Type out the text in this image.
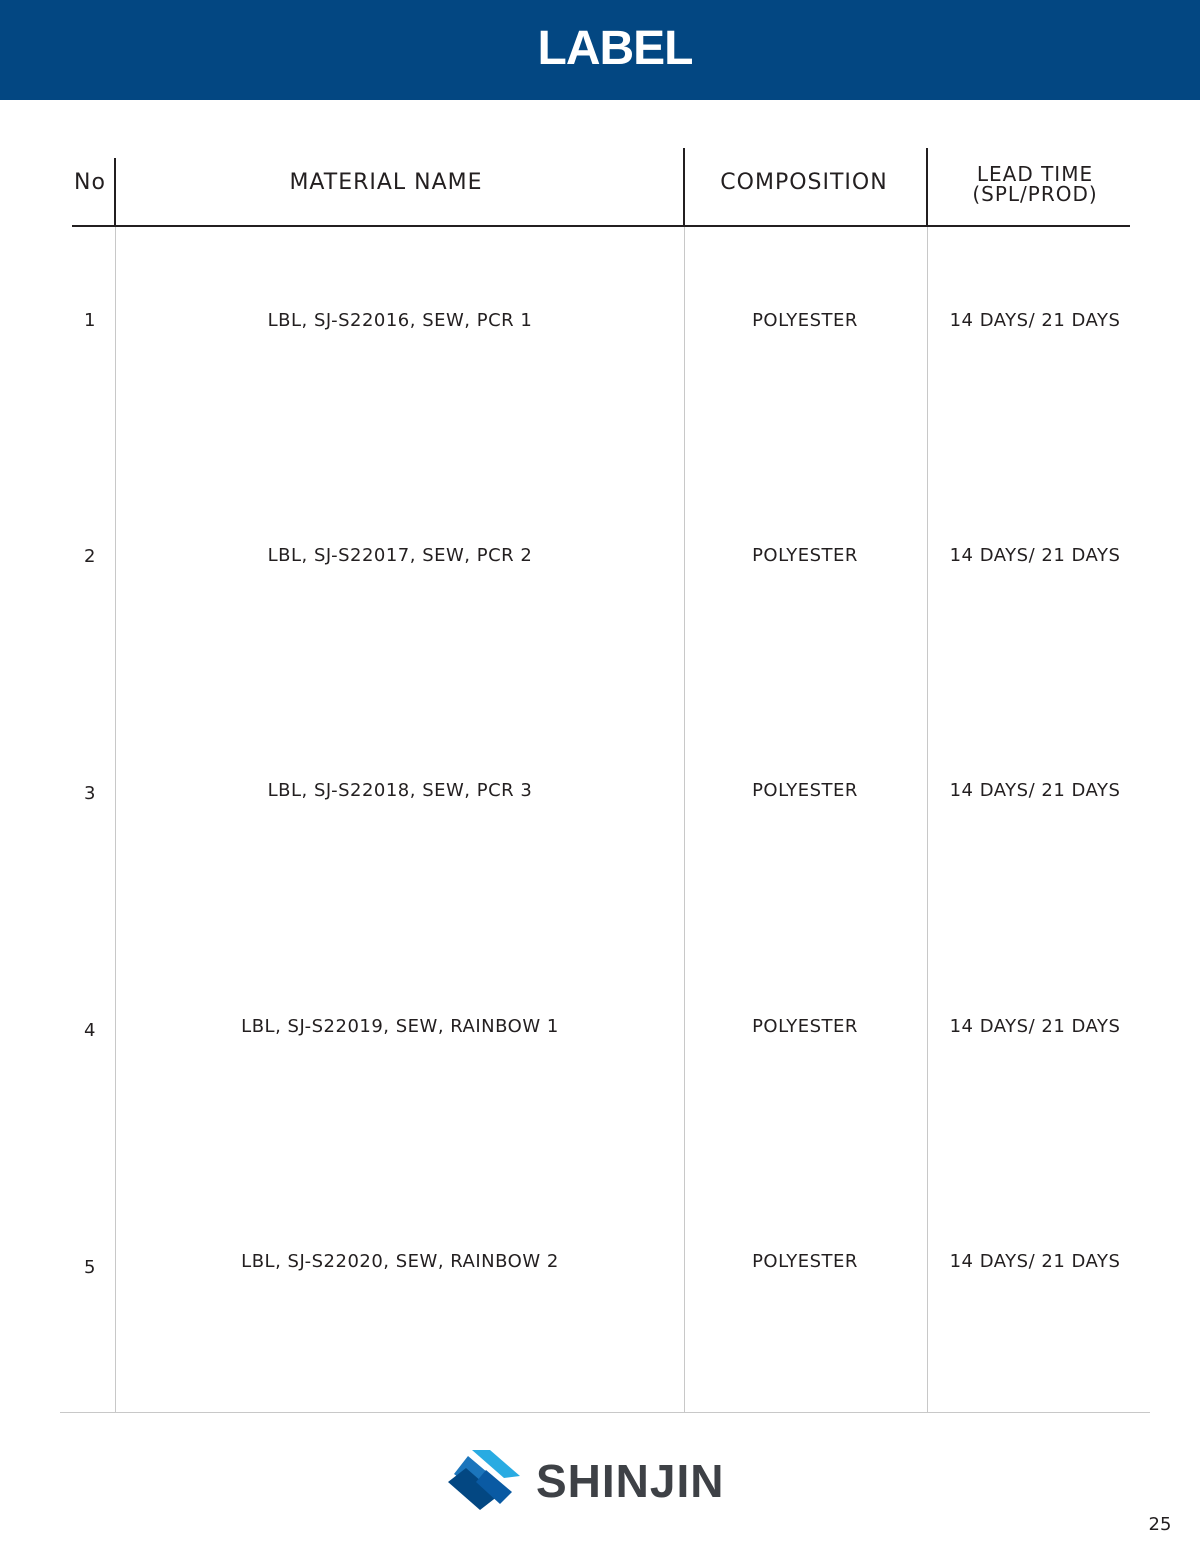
LABEL
No	MATERIAL NAME	COMPOSITION	LEAD TIME
(SPL/PROD)
1	LBL, SJ-S22016, SEW, PCR 1	POLYESTER	14 DAYS/ 21 DAYS
2	LBL, SJ-S22017, SEW, PCR 2	POLYESTER	14 DAYS/ 21 DAYS
3	LBL, SJ-S22018, SEW, PCR 3	POLYESTER	14 DAYS/ 21 DAYS
4	LBL, SJ-S22019, SEW, RAINBOW 1	POLYESTER	14 DAYS/ 21 DAYS
5	LBL, SJ-S22020, SEW, RAINBOW 2	POLYESTER	14 DAYS/ 21 DAYS
SHINJIN
25
